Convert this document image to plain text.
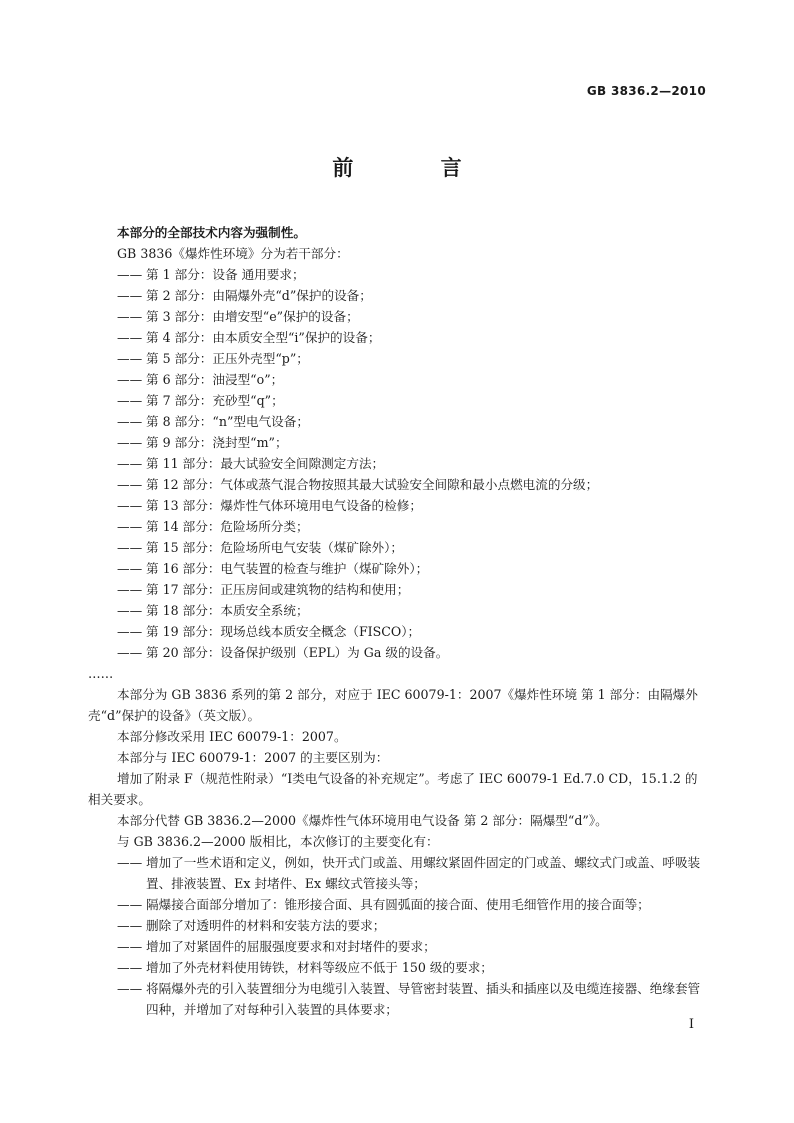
GB 3836.2—2010
前 言

本部分的全部技术内容为强制性。

GB 3836《爆炸性环境》分为若干部分：

—— 第 1 部分：设备 通用要求；
—— 第 2 部分：由隔爆外壳“d”保护的设备；
—— 第 3 部分：由增安型“e”保护的设备；
—— 第 4 部分：由本质安全型“i”保护的设备；
—— 第 5 部分：正压外壳型“p”；
—— 第 6 部分：油浸型“o”；
—— 第 7 部分：充砂型“q”；
—— 第 8 部分：“n”型电气设备；
—— 第 9 部分：浇封型“m”；
—— 第 11 部分：最大试验安全间隙测定方法；
—— 第 12 部分：气体或蒸气混合物按照其最大试验安全间隙和最小点燃电流的分级；
—— 第 13 部分：爆炸性气体环境用电气设备的检修；
—— 第 14 部分：危险场所分类；
—— 第 15 部分：危险场所电气安装（煤矿除外）；
—— 第 16 部分：电气装置的检查与维护（煤矿除外）；
—— 第 17 部分：正压房间或建筑物的结构和使用；
—— 第 18 部分：本质安全系统；
—— 第 19 部分：现场总线本质安全概念（FISCO）；
—— 第 20 部分：设备保护级别（EPL）为 Ga 级的设备。

……

本部分为 GB 3836 系列的第 2 部分，对应于 IEC 60079-1：2007《爆炸性环境 第 1 部分：由隔爆外壳“d”保护的设备》（英文版）。

本部分修改采用 IEC 60079-1：2007。

本部分与 IEC 60079-1：2007 的主要区别为：

增加了附录 F（规范性附录）“Ⅰ类电气设备的补充规定”。考虑了 IEC 60079-1 Ed.7.0 CD，15.1.2 的相关要求。

本部分代替 GB 3836.2—2000《爆炸性气体环境用电气设备 第 2 部分：隔爆型“d”》。

与 GB 3836.2—2000 版相比，本次修订的主要变化有：

—— 增加了一些术语和定义，例如，快开式门或盖、用螺纹紧固件固定的门或盖、螺纹式门或盖、呼吸装置、排液装置、Ex 封堵件、Ex 螺纹式管接头等；
—— 隔爆接合面部分增加了：锥形接合面、具有圆弧面的接合面、使用毛细管作用的接合面等；
—— 删除了对透明件的材料和安装方法的要求；
—— 增加了对紧固件的屈服强度要求和对封堵件的要求；
—— 增加了外壳材料使用铸铁，材料等级应不低于 150 级的要求；
—— 将隔爆外壳的引入装置细分为电缆引入装置、导管密封装置、插头和插座以及电缆连接器、绝缘套管四种，并增加了对每种引入装置的具体要求；
I
